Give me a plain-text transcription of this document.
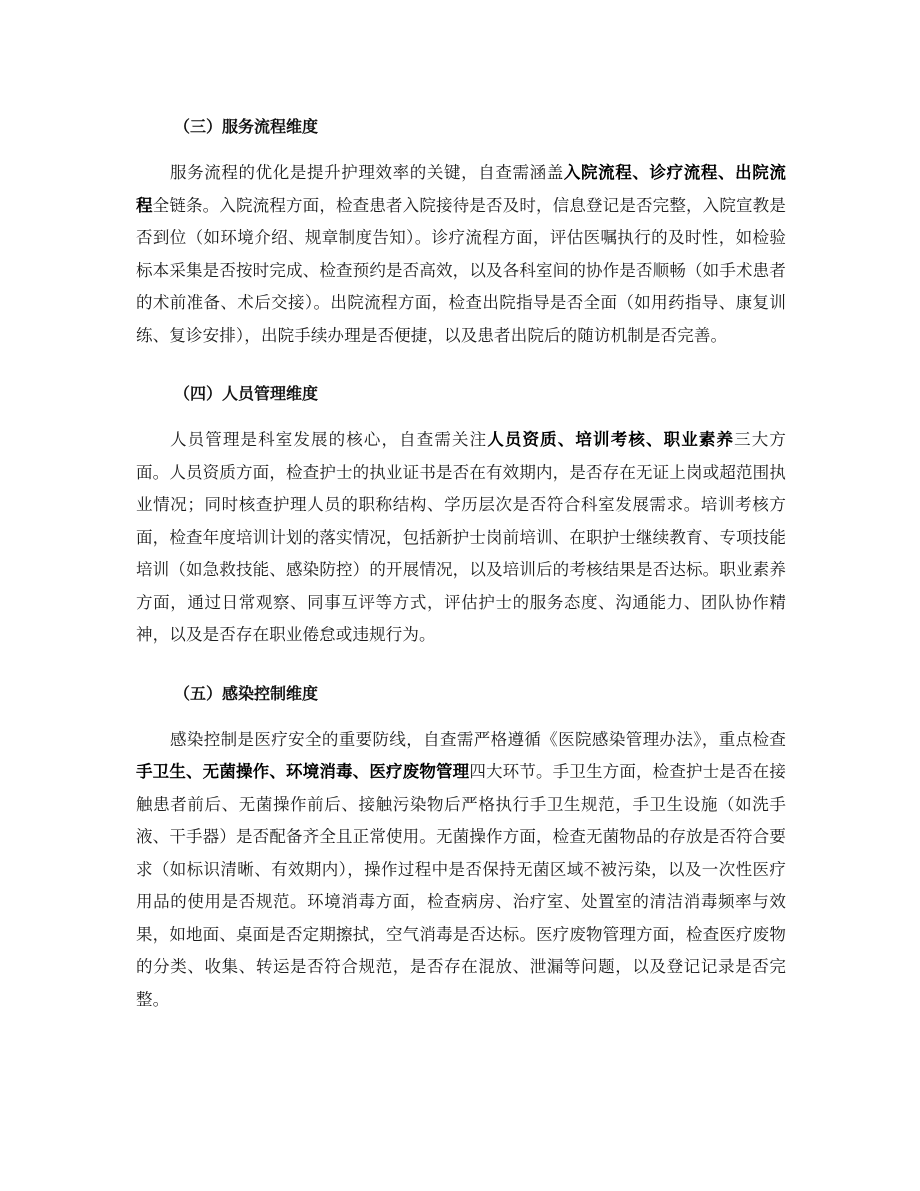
（三）服务流程维度

服务流程的优化是提升护理效率的关键，自查需涵盖入院流程、诊疗流程、出院流程全链条。入院流程方面，检查患者入院接待是否及时，信息登记是否完整，入院宣教是否到位（如环境介绍、规章制度告知）。诊疗流程方面，评估医嘱执行的及时性，如检验标本采集是否按时完成、检查预约是否高效，以及各科室间的协作是否顺畅（如手术患者的术前准备、术后交接）。出院流程方面，检查出院指导是否全面（如用药指导、康复训练、复诊安排），出院手续办理是否便捷，以及患者出院后的随访机制是否完善。

（四）人员管理维度

人员管理是科室发展的核心，自查需关注人员资质、培训考核、职业素养三大方面。人员资质方面，检查护士的执业证书是否在有效期内，是否存在无证上岗或超范围执业情况；同时核查护理人员的职称结构、学历层次是否符合科室发展需求。培训考核方面，检查年度培训计划的落实情况，包括新护士岗前培训、在职护士继续教育、专项技能培训（如急救技能、感染防控）的开展情况，以及培训后的考核结果是否达标。职业素养方面，通过日常观察、同事互评等方式，评估护士的服务态度、沟通能力、团队协作精神，以及是否存在职业倦怠或违规行为。

（五）感染控制维度

感染控制是医疗安全的重要防线，自查需严格遵循《医院感染管理办法》，重点检查手卫生、无菌操作、环境消毒、医疗废物管理四大环节。手卫生方面，检查护士是否在接触患者前后、无菌操作前后、接触污染物后严格执行手卫生规范，手卫生设施（如洗手液、干手器）是否配备齐全且正常使用。无菌操作方面，检查无菌物品的存放是否符合要求（如标识清晰、有效期内），操作过程中是否保持无菌区域不被污染，以及一次性医疗用品的使用是否规范。环境消毒方面，检查病房、治疗室、处置室的清洁消毒频率与效果，如地面、桌面是否定期擦拭，空气消毒是否达标。医疗废物管理方面，检查医疗废物的分类、收集、转运是否符合规范，是否存在混放、泄漏等问题，以及登记记录是否完整。
